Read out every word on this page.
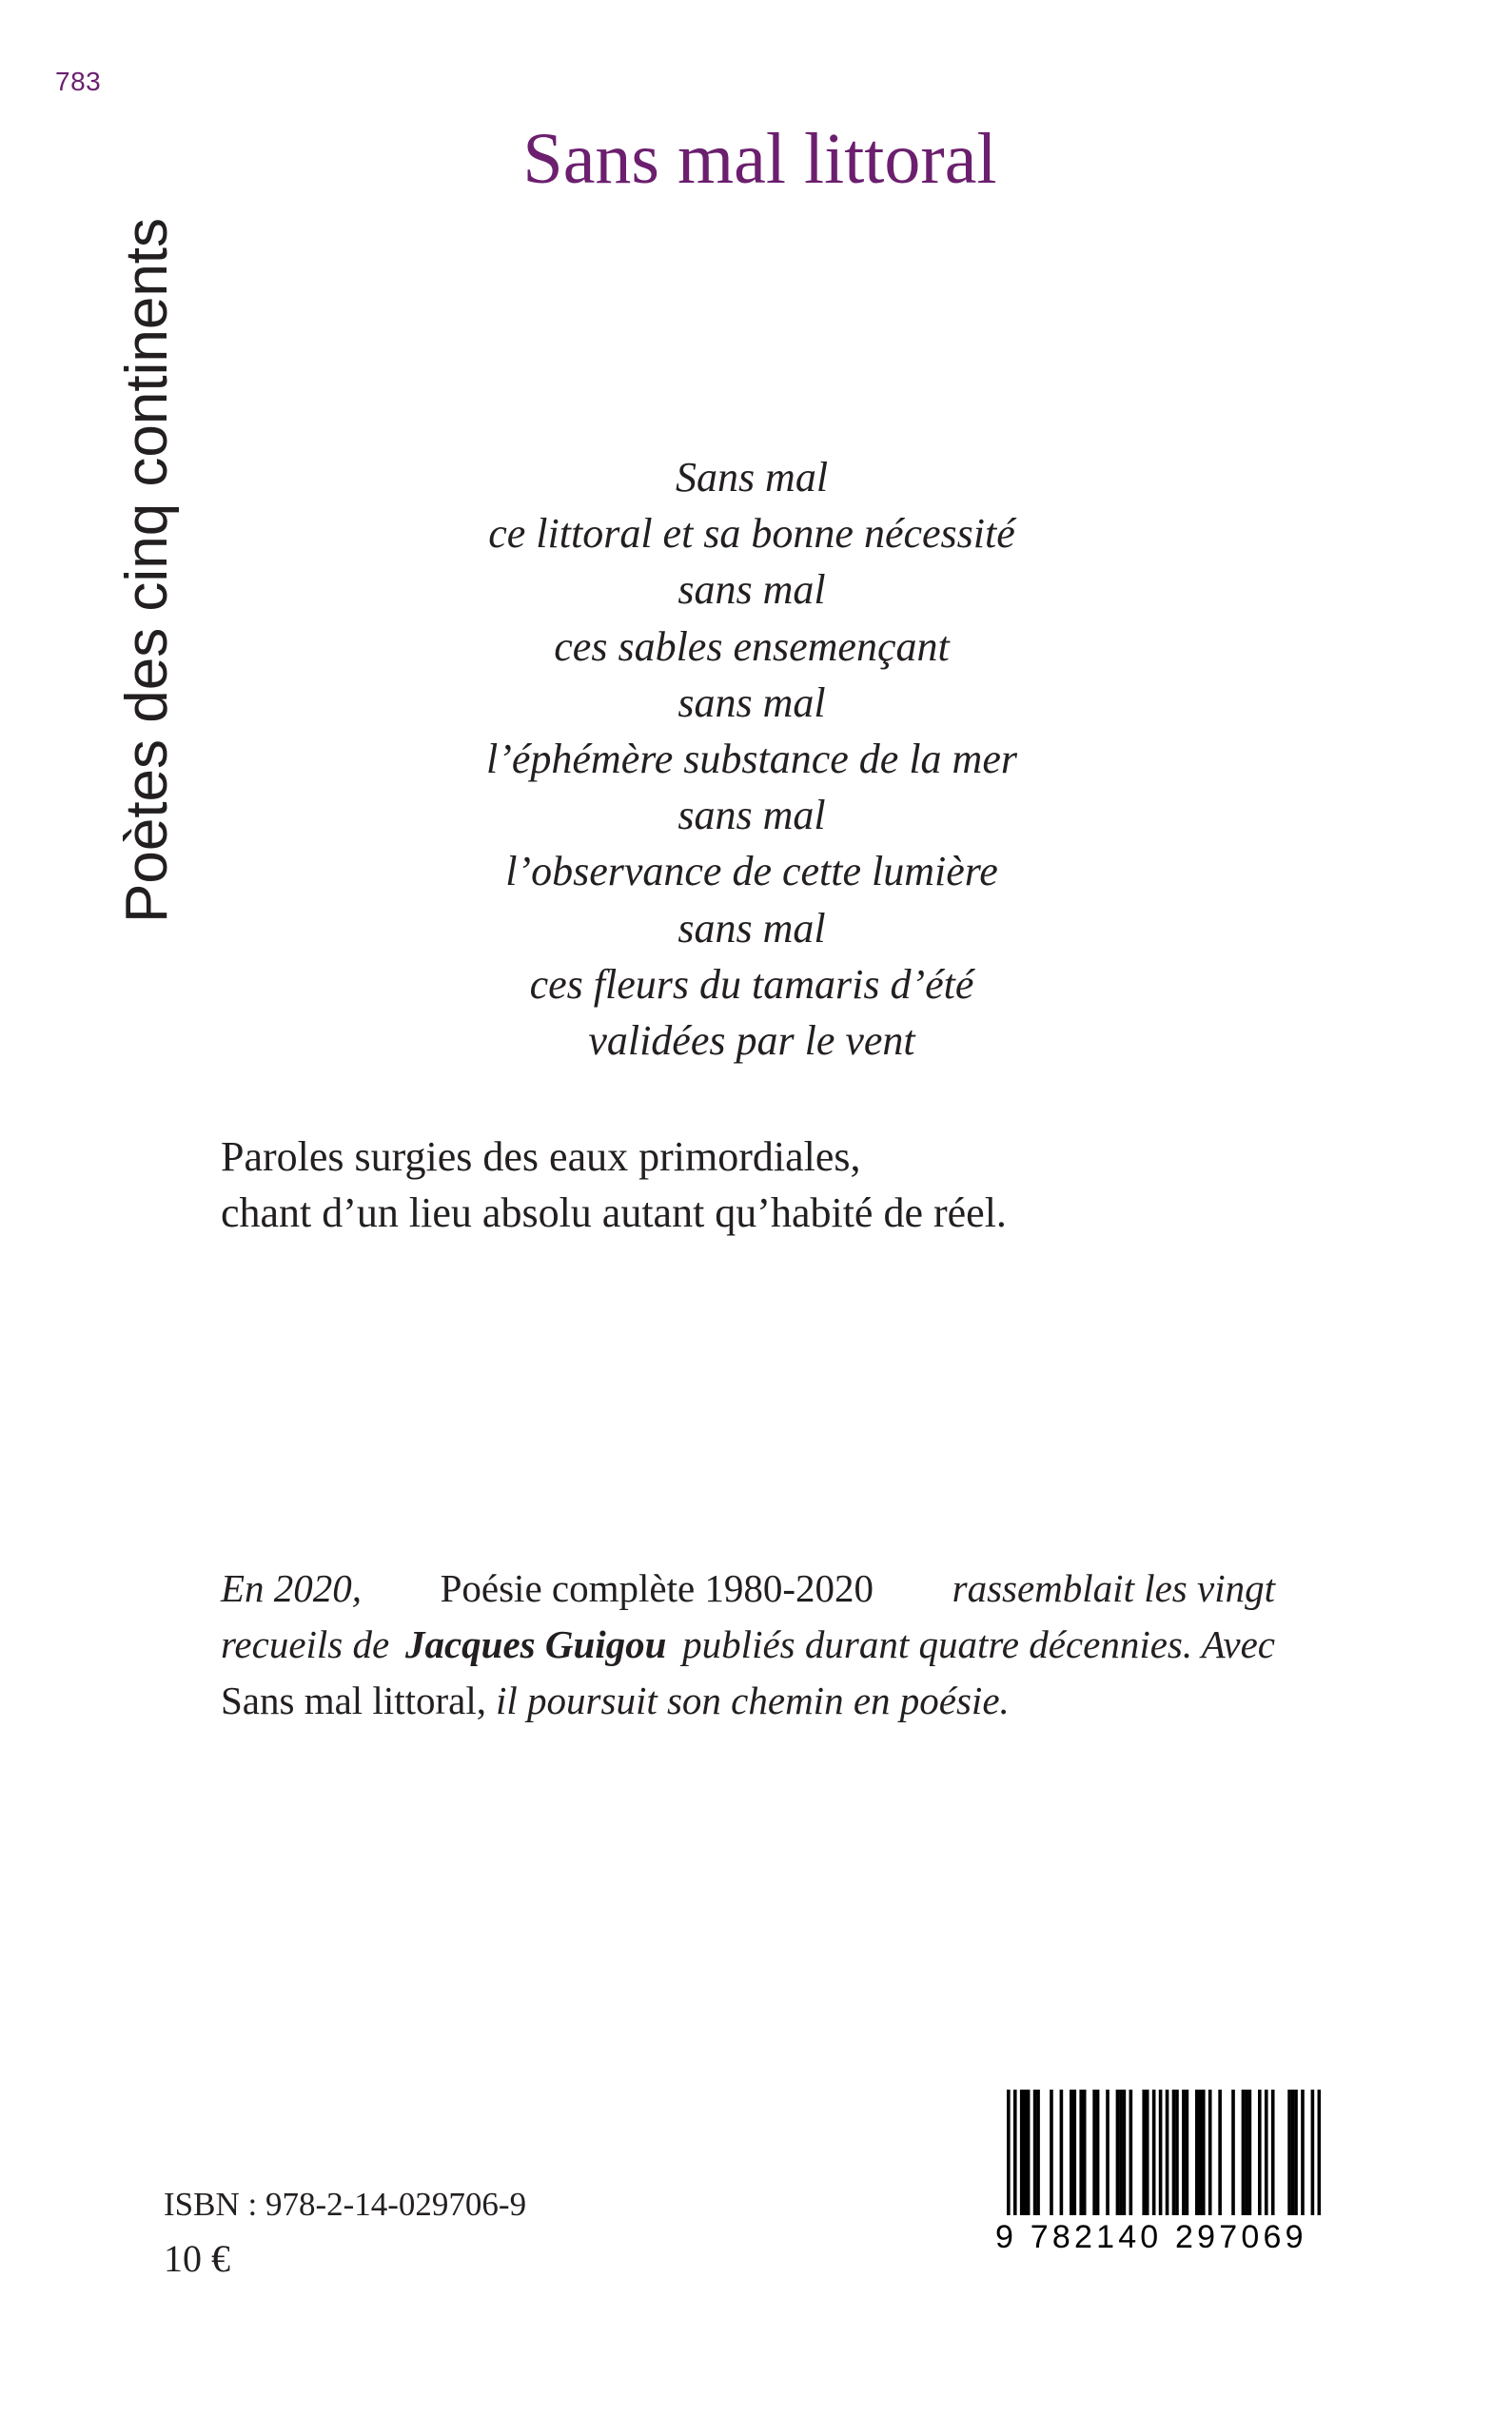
783
Poètes des cinq continents
Sans mal littoral
Sans mal
ce littoral et sa bonne nécessité
sans mal
ces sables ensemençant
sans mal
l’éphémère substance de la mer
sans mal
l’observance de cette lumière
sans mal
ces fleurs du tamaris d’été
validées par le vent
Paroles surgies des eaux primordiales,
chant d’un lieu absolu autant qu’habité de réel.
En 2020, Poésie complète 1980-2020 rassemblait les vingt
recueils de Jacques Guigou publiés durant quatre décennies. Avec
Sans mal littoral, il poursuit son chemin en poésie.
ISBN : 978-2-14-029706-9
10 €	9 782140 297069
